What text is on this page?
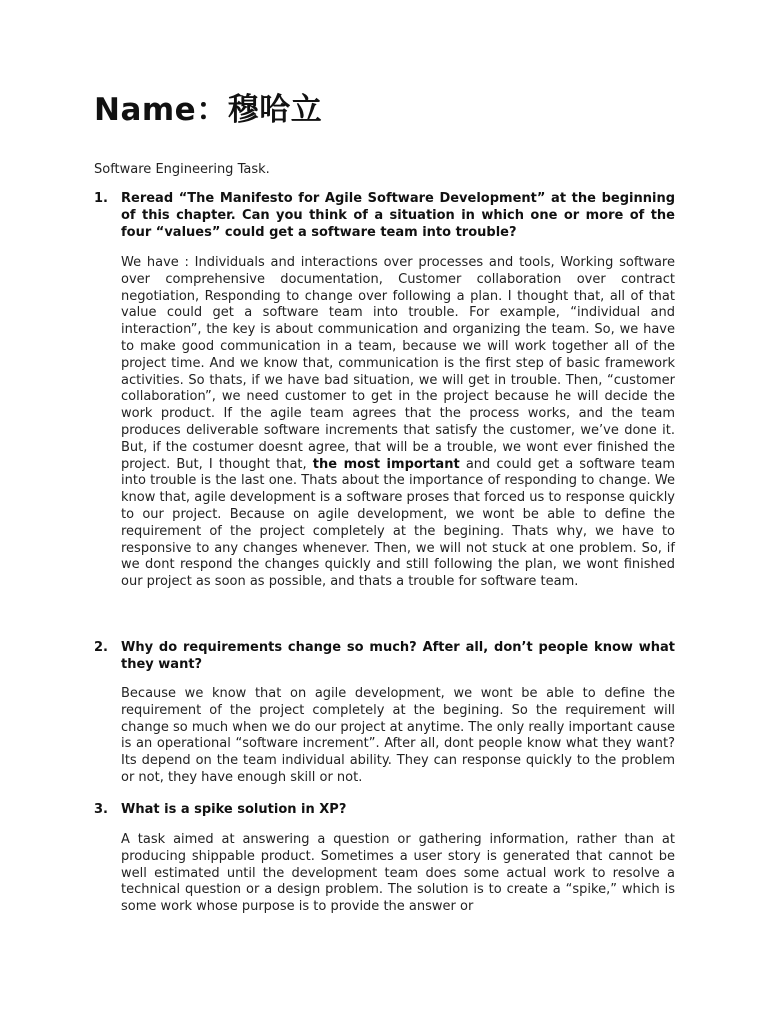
Name：穆哈立

Software Engineering Task.

1.	Reread “The Manifesto for Agile Software Development” at the beginning of this chapter. Can you think of a situation in which one or more of the four “values” could get a software team into trouble?

We have : Individuals and interactions over processes and tools, Working software over comprehensive documentation, Customer collaboration over contract negotiation, Responding to change over following a plan. I thought that, all of that value could get a software team into trouble. For example, “individual and interaction”, the key is about communication and organizing the team. So, we have to make good communication in a team, because we will work together all of the project time. And we know that, communication is the first step of basic framework activities. So thats, if we have bad situation, we will get in trouble. Then, “customer collaboration”, we need customer to get in the project because he will decide the work product. If the agile team agrees that the process works, and the team produces deliverable software increments that satisfy the customer, we’ve done it. But, if the costumer doesnt agree, that will be a trouble, we wont ever finished the project. But, I thought that, the most important and could get a software team into trouble is the last one. Thats about the importance of responding to change. We know that, agile development is a software proses that forced us to response quickly to our project. Because on agile development, we wont be able to define the requirement of the project completely at the begining. Thats why, we have to responsive to any changes whenever. Then, we will not stuck at one problem. So, if we dont respond the changes quickly and still following the plan, we wont finished our project as soon as possible, and thats a trouble for software team.

2.	Why do requirements change so much? After all, don’t people know what they want?

Because we know that on agile development, we wont be able to define the requirement of the project completely at the begining. So the requirement will change so much when we do our project at anytime. The only really important cause is an operational “software increment”. After all, dont people know what they want? Its depend on the team individual ability. They can response quickly to the problem or not, they have enough skill or not.

3.	What is a spike solution in XP?

A task aimed at answering a question or gathering information, rather than at producing shippable product. Sometimes a user story is generated that cannot be well estimated until the development team does some actual work to resolve a technical question or a design problem. The solution is to create a “spike,” which is some work whose purpose is to provide the answer or
